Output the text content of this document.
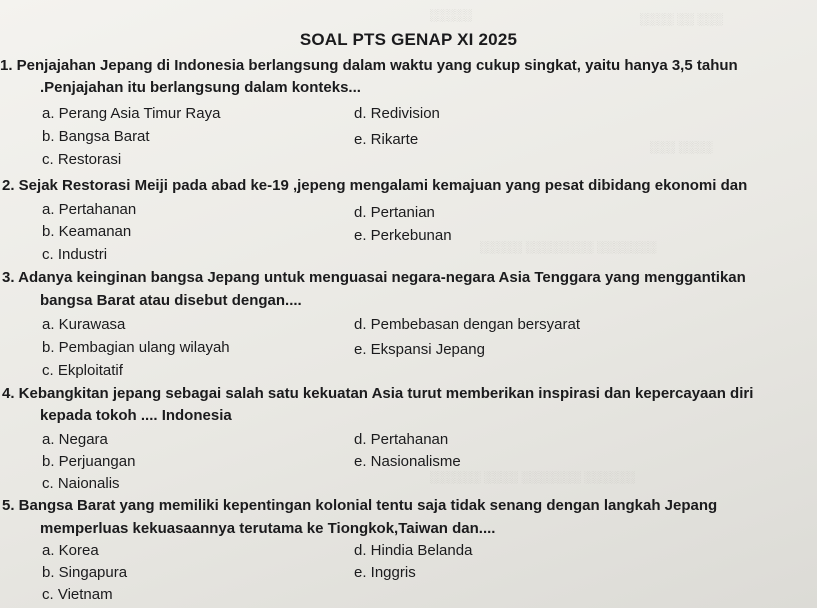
░░░ ░░ ░░░░
░░░░░
░░░░ ░░░
░░░░░░░ ░░░░░░░░ ░░░░░
░░░░░░ ░░░░░░░ ░░░░ ░░░░░░
SOAL PTS GENAP XI 2025
1. Penjajahan Jepang di Indonesia berlangsung dalam waktu yang cukup singkat, yaitu hanya 3,5 tahun
.Penjajahan itu berlangsung dalam konteks...
a. Perang Asia Timur Raya	d. Redivision
b. Bangsa Barat	e. Rikarte
c. Restorasi
2. Sejak Restorasi Meiji pada abad ke-19 ,jepeng mengalami kemajuan yang pesat dibidang ekonomi dan
a. Pertahanan	d. Pertanian
b. Keamanan	e. Perkebunan
c. Industri
3. Adanya keinginan bangsa Jepang untuk menguasai negara-negara Asia Tenggara yang menggantikan
bangsa Barat atau disebut dengan....
a. Kurawasa	d. Pembebasan dengan bersyarat
b. Pembagian ulang wilayah	e. Ekspansi Jepang
c. Ekploitatif
4. Kebangkitan jepang sebagai salah satu kekuatan Asia turut memberikan inspirasi dan kepercayaan diri
kepada tokoh .... Indonesia
a. Negara	d. Pertahanan
b. Perjuangan	e. Nasionalisme
c. Naionalis
5. Bangsa Barat yang memiliki kepentingan kolonial tentu saja tidak senang dengan langkah Jepang
memperluas kekuasaannya terutama ke Tiongkok,Taiwan dan....
a. Korea	d. Hindia Belanda
b. Singapura	e. Inggris
c. Vietnam
